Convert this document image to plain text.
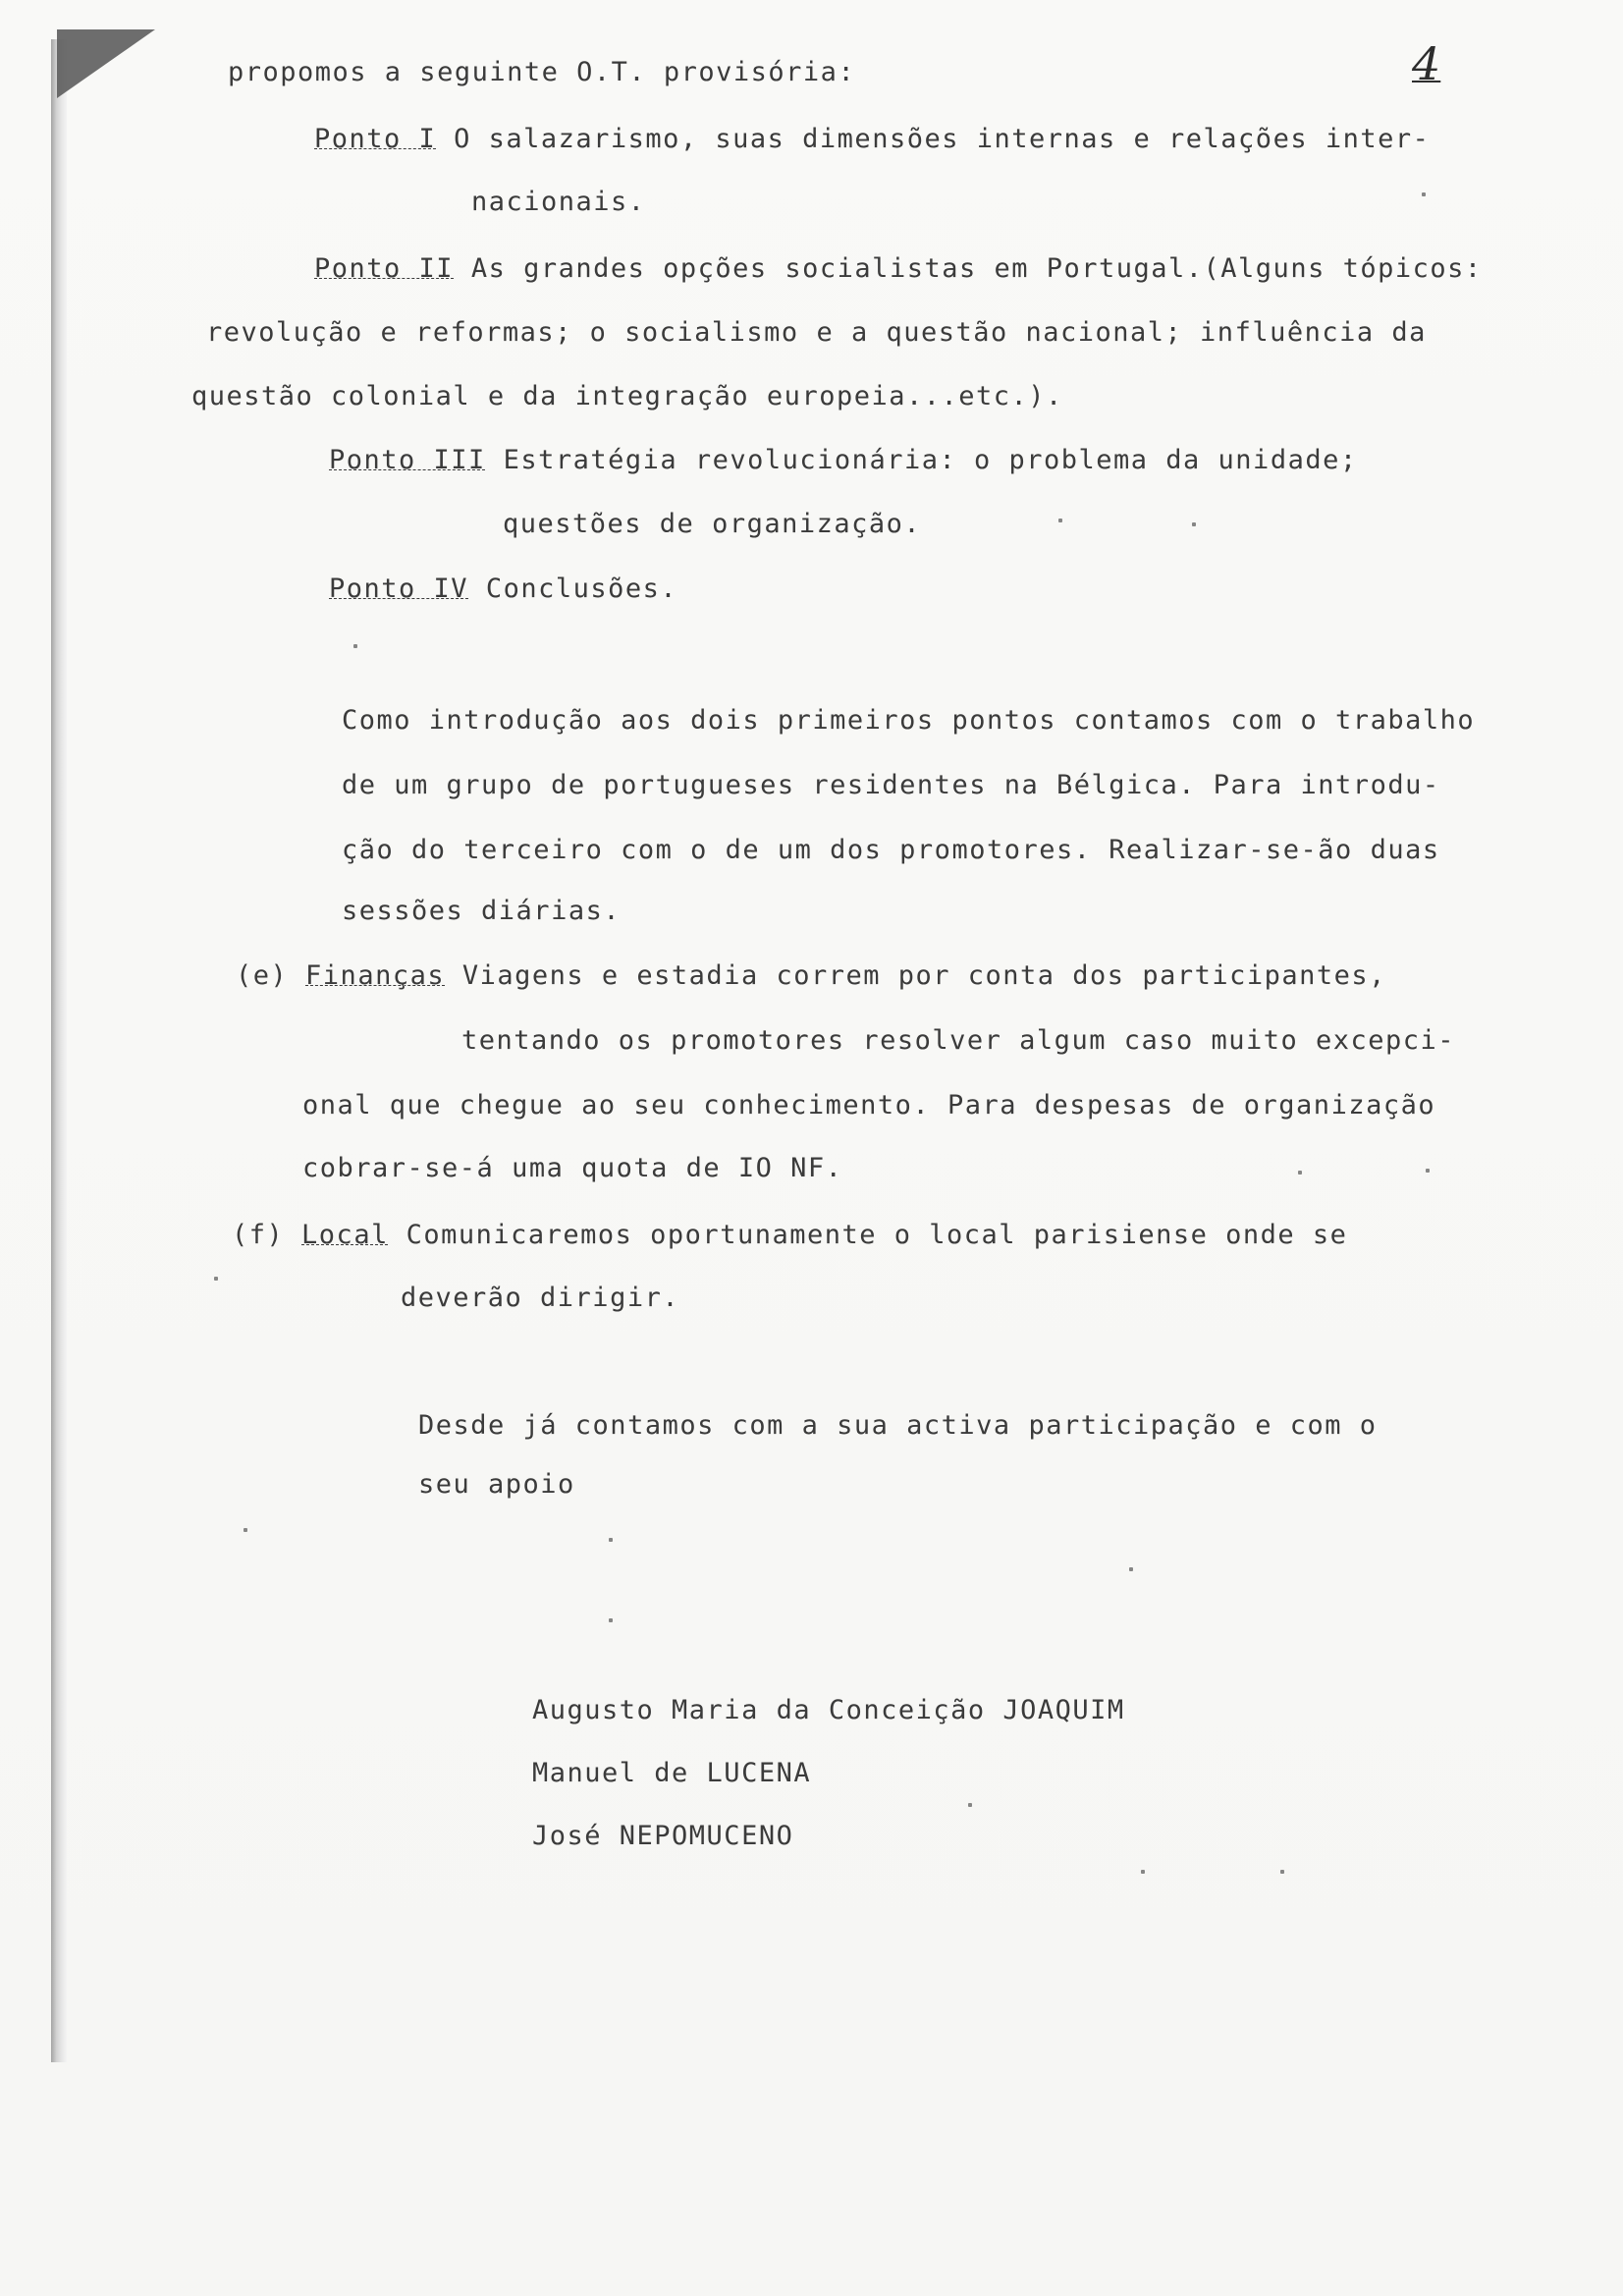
4
propomos a seguinte O.T. provisória:
Ponto I O salazarismo, suas dimensões internas e relações inter-
nacionais.
Ponto II As grandes opções socialistas em Portugal.(Alguns tópicos:
revolução e reformas; o socialismo e a questão nacional; influência da
questão colonial e da integração europeia...etc.).
Ponto III Estratégia revolucionária: o problema da unidade;
questões de organização.
Ponto IV Conclusões.
Como introdução aos dois primeiros pontos contamos com o trabalho
de um grupo de portugueses residentes na Bélgica. Para introdu-
ção do terceiro com o de um dos promotores. Realizar-se-ão duas
sessões diárias.
(e) Finanças Viagens e estadia correm por conta dos participantes,
tentando os promotores resolver algum caso muito excepci-
onal que chegue ao seu conhecimento. Para despesas de organização
cobrar-se-á uma quota de IO NF.
(f) Local Comunicaremos oportunamente o local parisiense onde se
deverão dirigir.
Desde já contamos com a sua activa participação e com o
seu apoio
Augusto Maria da Conceição JOAQUIM
Manuel de LUCENA
José NEPOMUCENO
